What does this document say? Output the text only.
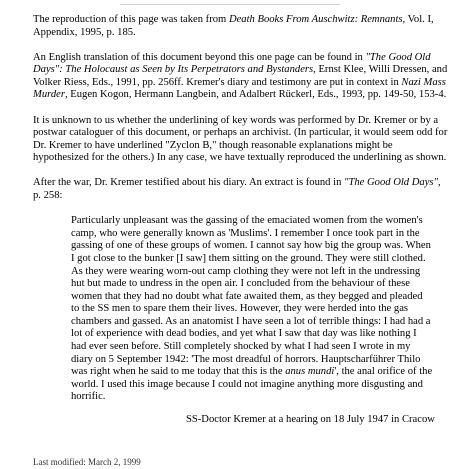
The reproduction of this page was taken from Death Books From Auschwitz: Remnants, Vol. I, Appendix, 1995, p. 185.

An English translation of this document beyond this one page can be found in "The Good Old Days": The Holocaust as Seen by Its Perpetrators and Bystanders, Ernst Klee, Willi Dressen, and Volker Riess, Eds., 1991, pp. 256ff. Kremer's diary and testimony are put in context in Nazi Mass Murder, Eugen Kogon, Hermann Langbein, and Adalbert Rückerl, Eds., 1993, pp. 149-50, 153-4.

It is unknown to us whether the underlining of key words was performed by Dr. Kremer or by a postwar cataloguer of this document, or perhaps an archivist. (In particular, it would seem odd for Dr. Kremer to have underlined "Zyclon B," though reasonable explanations might be hypothesized for the others.) In any case, we have textually reproduced the underlining as shown.

After the war, Dr. Kremer testified about his diary. An extract is found in "The Good Old Days", p. 258:

Particularly unpleasant was the gassing of the emaciated women from the women's camp, who were generally known as 'Muslims'. I remember I once took part in the gassing of one of these groups of women. I cannot say how big the group was. When I got close to the bunker [I saw] them sitting on the ground. They were still clothed. As they were wearing worn-out camp clothing they were not left in the undressing hut but made to undress in the open air. I concluded from the behaviour of these women that they had no doubt what fate awaited them, as they begged and pleaded to the SS men to spare them their lives. However, they were herded into the gas chambers and gassed. As an anatomist I have seen a lot of terrible things: I had had a lot of experience with dead bodies, and yet what I saw that day was like nothing I had ever seen before. Still completely shocked by what I had seen I wrote in my diary on 5 September 1942: 'The most dreadful of horrors. Hauptscharführer Thilo was right when he said to me today that this is the anus mundi', the anal orifice of the world. I used this image because I could not imagine anything more disgusting and horrific.

SS-Doctor Kremer at a hearing on 18 July 1947 in Cracow

Last modified: March 2, 1999
